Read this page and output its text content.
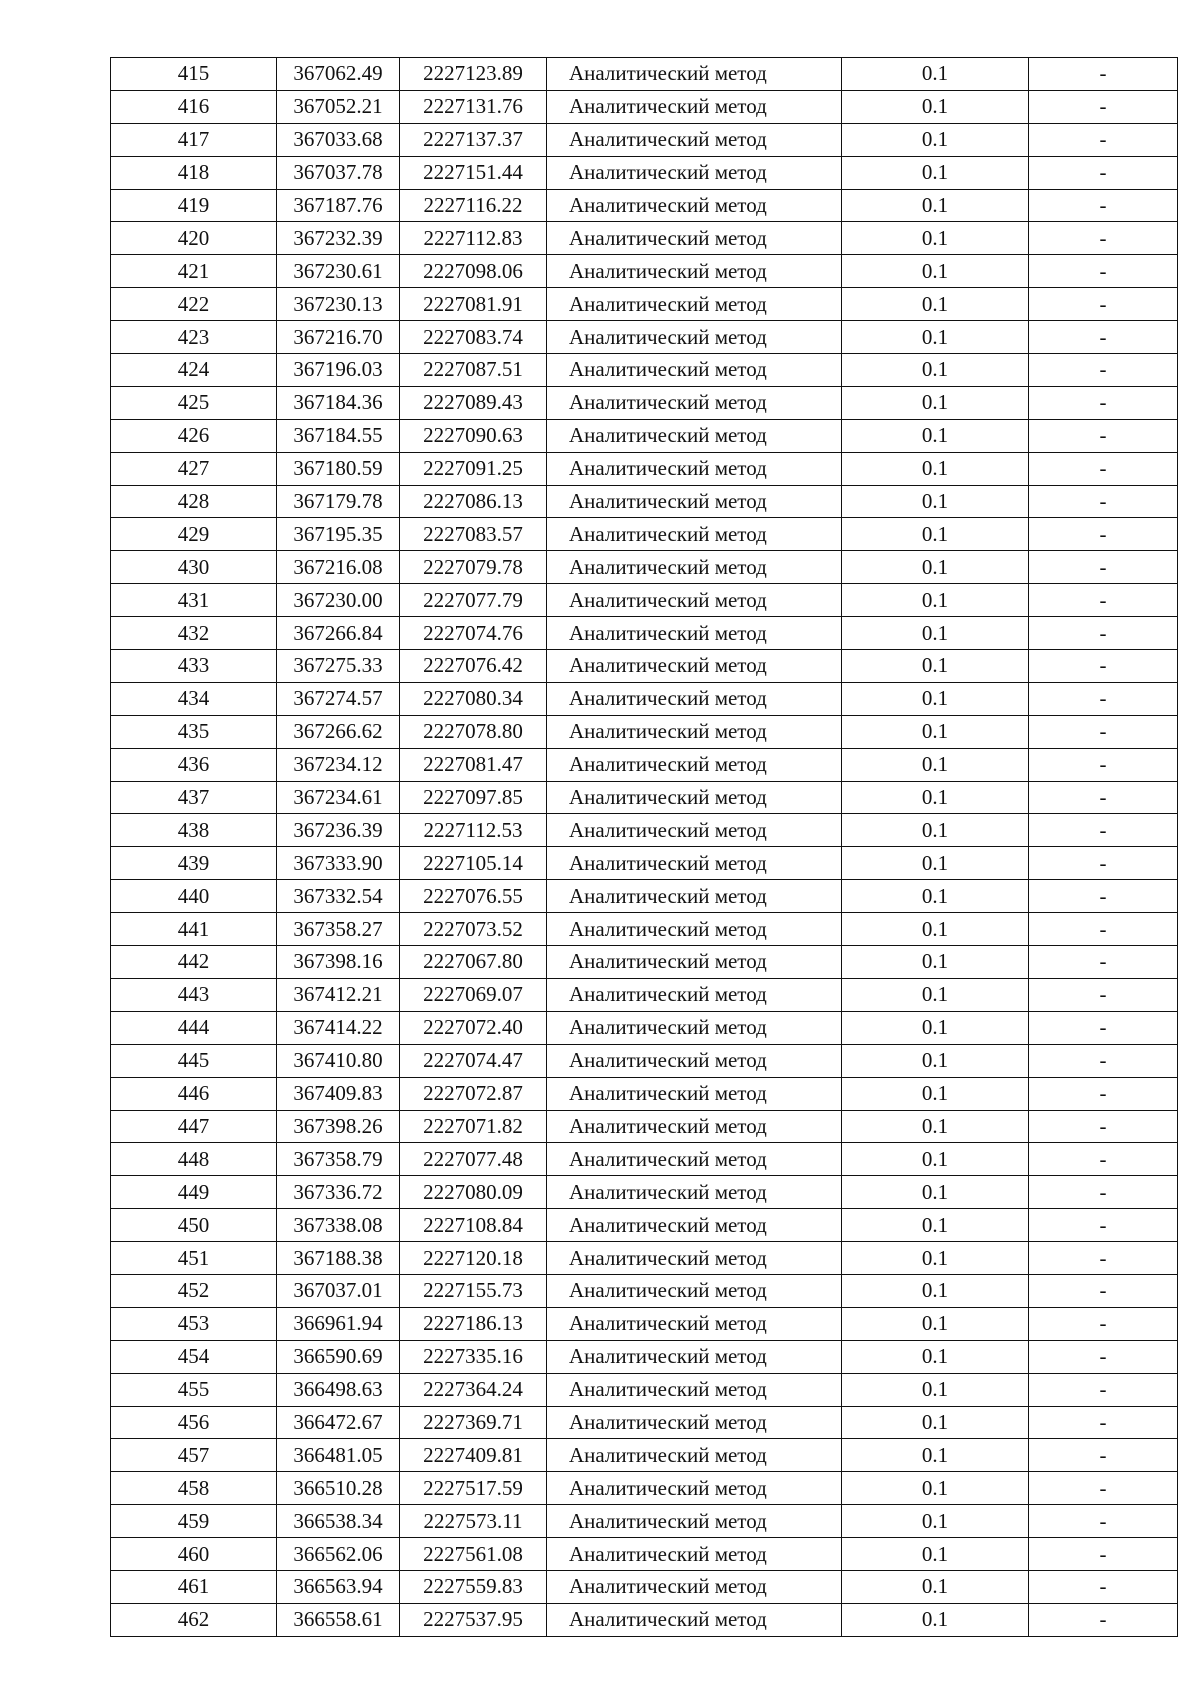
415	367062.49	2227123.89	Аналитический метод	0.1	-
416	367052.21	2227131.76	Аналитический метод	0.1	-
417	367033.68	2227137.37	Аналитический метод	0.1	-
418	367037.78	2227151.44	Аналитический метод	0.1	-
419	367187.76	2227116.22	Аналитический метод	0.1	-
420	367232.39	2227112.83	Аналитический метод	0.1	-
421	367230.61	2227098.06	Аналитический метод	0.1	-
422	367230.13	2227081.91	Аналитический метод	0.1	-
423	367216.70	2227083.74	Аналитический метод	0.1	-
424	367196.03	2227087.51	Аналитический метод	0.1	-
425	367184.36	2227089.43	Аналитический метод	0.1	-
426	367184.55	2227090.63	Аналитический метод	0.1	-
427	367180.59	2227091.25	Аналитический метод	0.1	-
428	367179.78	2227086.13	Аналитический метод	0.1	-
429	367195.35	2227083.57	Аналитический метод	0.1	-
430	367216.08	2227079.78	Аналитический метод	0.1	-
431	367230.00	2227077.79	Аналитический метод	0.1	-
432	367266.84	2227074.76	Аналитический метод	0.1	-
433	367275.33	2227076.42	Аналитический метод	0.1	-
434	367274.57	2227080.34	Аналитический метод	0.1	-
435	367266.62	2227078.80	Аналитический метод	0.1	-
436	367234.12	2227081.47	Аналитический метод	0.1	-
437	367234.61	2227097.85	Аналитический метод	0.1	-
438	367236.39	2227112.53	Аналитический метод	0.1	-
439	367333.90	2227105.14	Аналитический метод	0.1	-
440	367332.54	2227076.55	Аналитический метод	0.1	-
441	367358.27	2227073.52	Аналитический метод	0.1	-
442	367398.16	2227067.80	Аналитический метод	0.1	-
443	367412.21	2227069.07	Аналитический метод	0.1	-
444	367414.22	2227072.40	Аналитический метод	0.1	-
445	367410.80	2227074.47	Аналитический метод	0.1	-
446	367409.83	2227072.87	Аналитический метод	0.1	-
447	367398.26	2227071.82	Аналитический метод	0.1	-
448	367358.79	2227077.48	Аналитический метод	0.1	-
449	367336.72	2227080.09	Аналитический метод	0.1	-
450	367338.08	2227108.84	Аналитический метод	0.1	-
451	367188.38	2227120.18	Аналитический метод	0.1	-
452	367037.01	2227155.73	Аналитический метод	0.1	-
453	366961.94	2227186.13	Аналитический метод	0.1	-
454	366590.69	2227335.16	Аналитический метод	0.1	-
455	366498.63	2227364.24	Аналитический метод	0.1	-
456	366472.67	2227369.71	Аналитический метод	0.1	-
457	366481.05	2227409.81	Аналитический метод	0.1	-
458	366510.28	2227517.59	Аналитический метод	0.1	-
459	366538.34	2227573.11	Аналитический метод	0.1	-
460	366562.06	2227561.08	Аналитический метод	0.1	-
461	366563.94	2227559.83	Аналитический метод	0.1	-
462	366558.61	2227537.95	Аналитический метод	0.1	-
